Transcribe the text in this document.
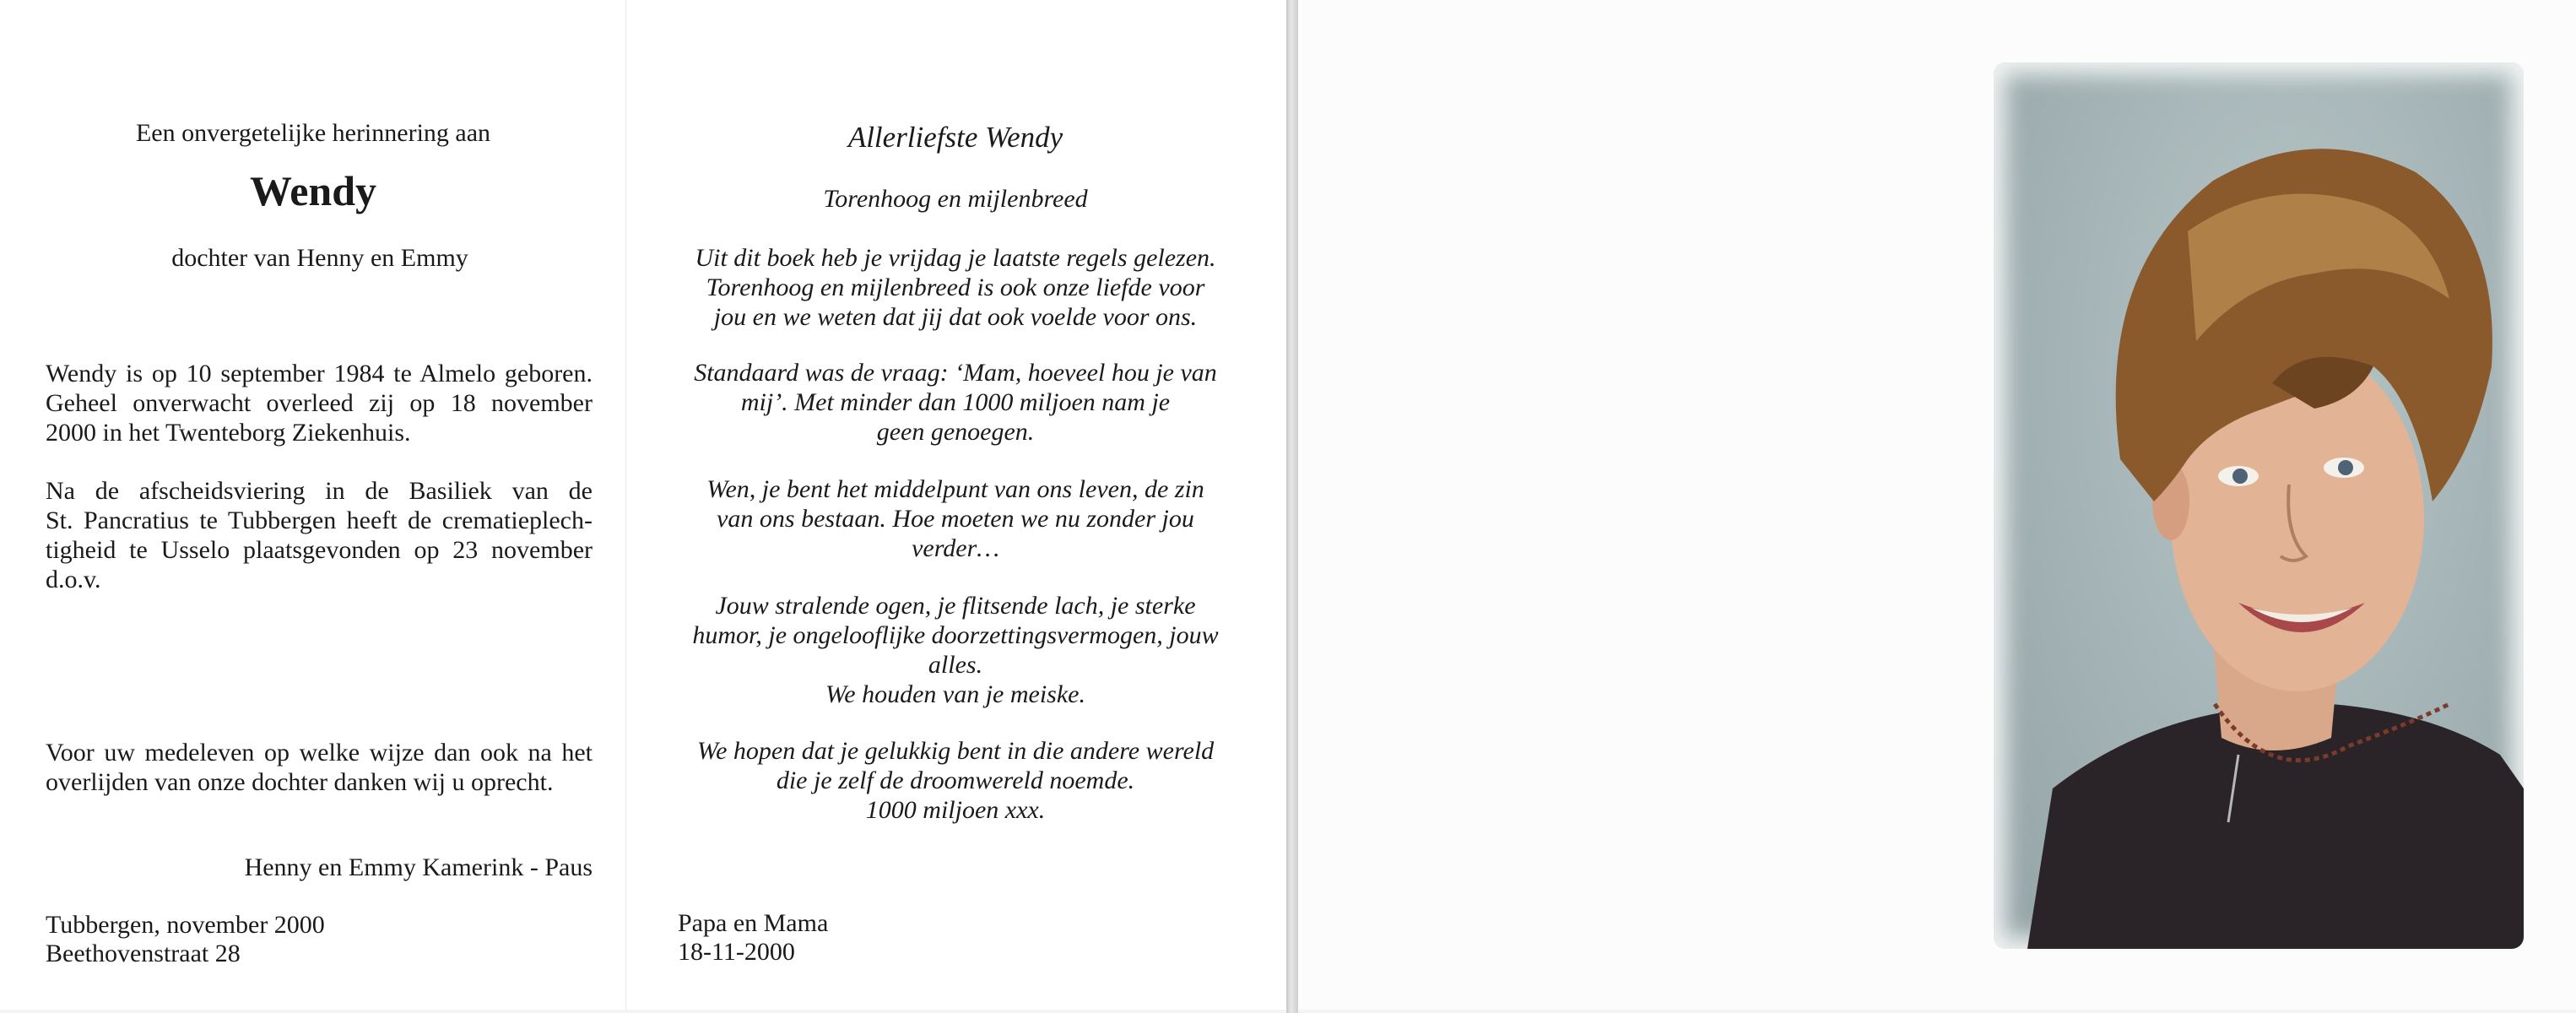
Een onvergetelijke herinnering aan

Wendy

dochter van Henny en Emmy

Wendy is op 10 september 1984 te Almelo geboren.
Geheel onverwacht overleed zij op 18 november
2000 in het Twenteborg Ziekenhuis.
Na de afscheidsviering in de Basiliek van de
St. Pancratius te Tubbergen heeft de crematieplech-
tigheid te Usselo plaatsgevonden op 23 november
d.o.v.
Voor uw medeleven op welke wijze dan ook na het
overlijden van onze dochter danken wij u oprecht.

Henny en Emmy Kamerink - Paus

Tubbergen, november 2000

Beethovenstraat 28

Allerliefste Wendy

Torenhoog en mijlenbreed

Uit dit boek heb je vrijdag je laatste regels gelezen.
Torenhoog en mijlenbreed is ook onze liefde voor
jou en we weten dat jij dat ook voelde voor ons.
Standaard was de vraag: ‘Mam, hoeveel hou je van
mij’. Met minder dan 1000 miljoen nam je
geen genoegen.
Wen, je bent het middelpunt van ons leven, de zin
van ons bestaan. Hoe moeten we nu zonder jou
verder…
Jouw stralende ogen, je flitsende lach, je sterke
humor, je ongelooflijke doorzettingsvermogen, jouw
alles.
We houden van je meiske.
We hopen dat je gelukkig bent in die andere wereld
die je zelf de droomwereld noemde.
1000 miljoen xxx.

Papa en Mama

18-11-2000
